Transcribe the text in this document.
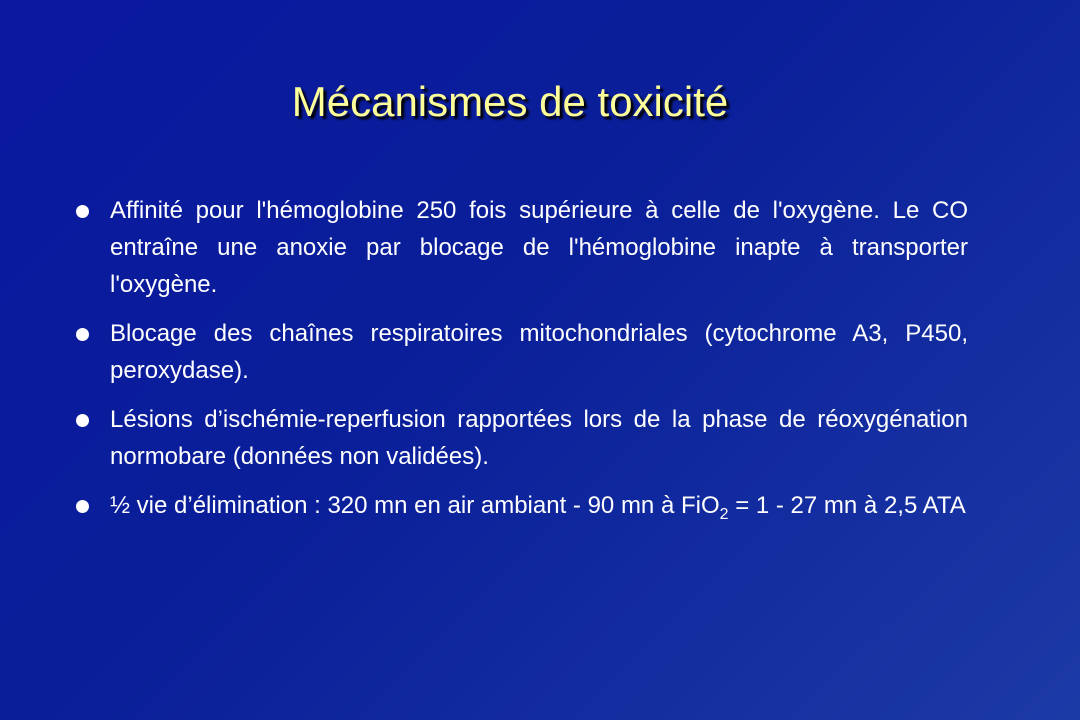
Mécanismes de toxicité
Affinité pour l'hémoglobine 250 fois supérieure à celle de l'oxygène. Le CO entraîne une anoxie par blocage de l'hémoglobine inapte à transporter l'oxygène.
Blocage des chaînes respiratoires mitochondriales (cytochrome A3, P450, peroxydase).
Lésions d’ischémie-reperfusion rapportées lors de la phase de réoxygénation normobare (données non validées).
½ vie d’élimination : 320 mn en air ambiant - 90 mn à FiO$_2$ = 1 - 27 mn à 2,5 ATA
